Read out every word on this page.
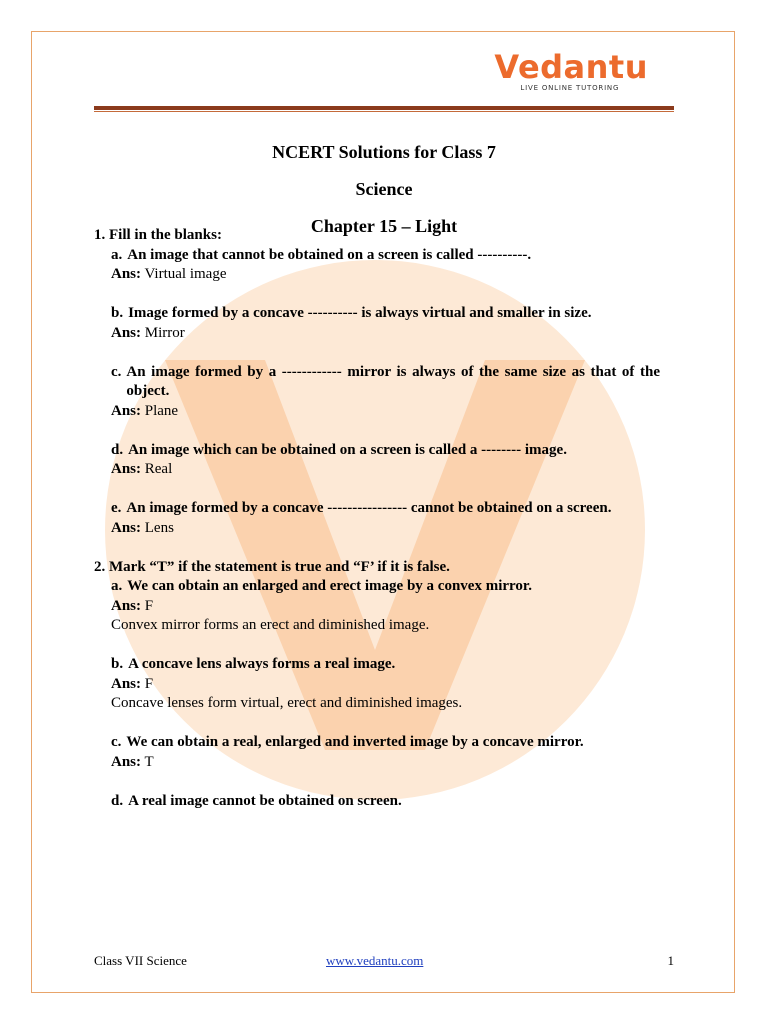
Vedantu
LIVE ONLINE TUTORING
NCERT Solutions for Class 7
Science
Chapter 15 – Light
1. Fill in the blanks:
a. An image that cannot be obtained on a screen is called ----------.
Ans: Virtual image
b. Image formed by a concave ---------- is always virtual and smaller in size.
Ans: Mirror
c. An image formed by a ------------ mirror is always of the same size as that of the object.
Ans: Plane
d. An image which can be obtained on a screen is called a -------- image.
Ans: Real
e. An image formed by a concave ---------------- cannot be obtained on a screen.
Ans: Lens
2. Mark “T” if the statement is true and “F’ if it is false.
a. We can obtain an enlarged and erect image by a convex mirror.
Ans: F
Convex mirror forms an erect and diminished image.
b. A concave lens always forms a real image.
Ans: F
Concave lenses form virtual, erect and diminished images.
c. We can obtain a real, enlarged and inverted image by a concave mirror.
Ans: T
d. A real image cannot be obtained on screen.
Class VII Science	www.vedantu.com	1
